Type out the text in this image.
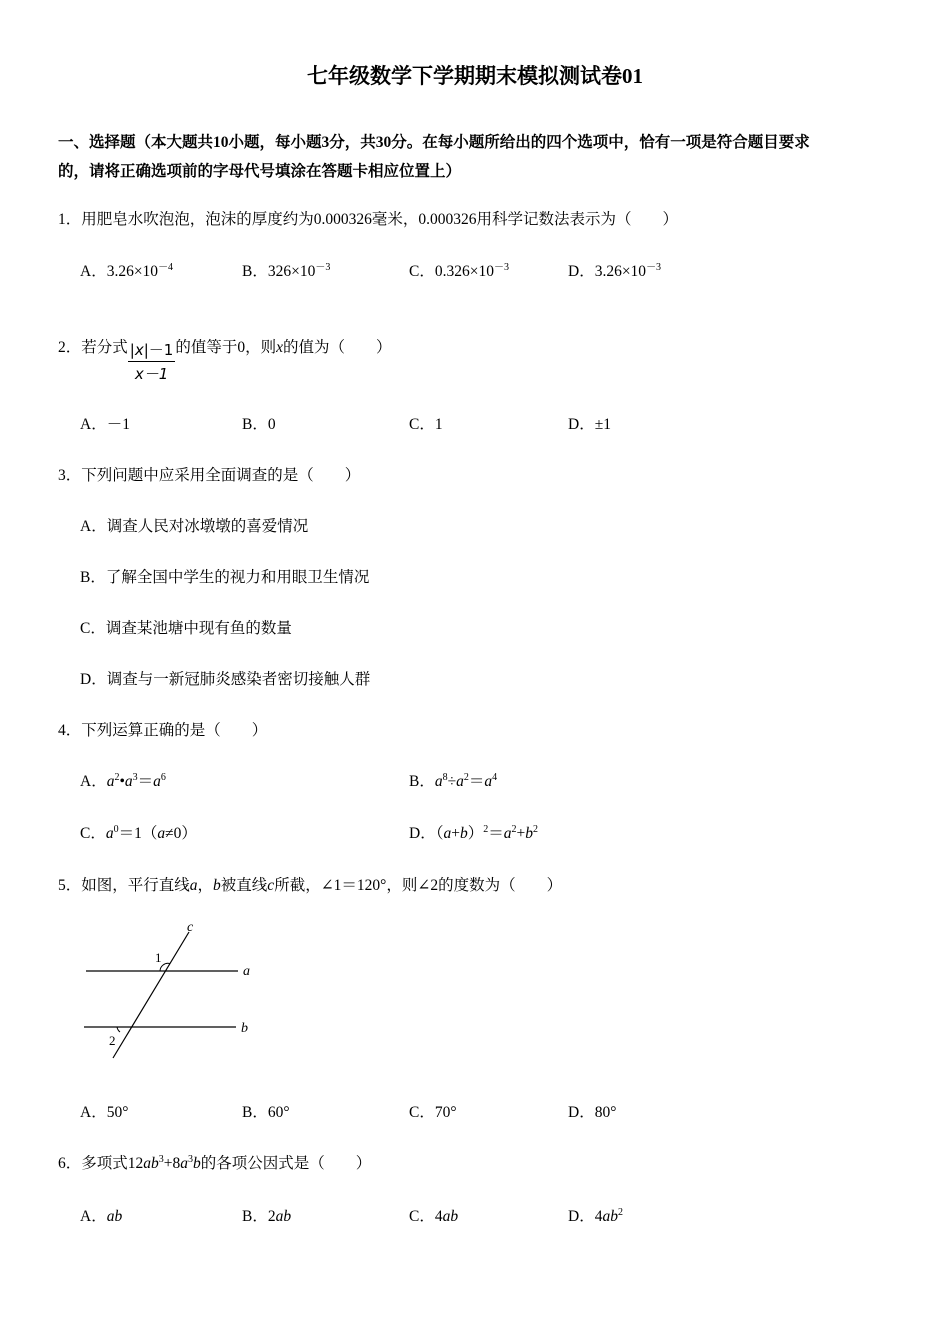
七年级数学下学期期末模拟测试卷01
一、选择题（本大题共10小题，每小题3分，共30分。在每小题所给出的四个选项中，恰有一项是符合题目要求
的，请将正确选项前的字母代号填涂在答题卡相应位置上）
1．用肥皂水吹泡泡，泡沫的厚度约为0.000326毫米，0.000326用科学记数法表示为（　　）
A．$3.26\times 10^{-4}$	B．$326\times 10^{-3}$	C．$0.326\times 10^{-3}$	D．$3.26\times 10^{-3}$
2．若分式 $\frac{|x|-1}{x-1}$ 的值等于0，则x的值为（　　）
A．－1	B．0	C．1	D．±1
3．下列问题中应采用全面调查的是（　　）
A．调查人民对冰墩墩的喜爱情况
B．了解全国中学生的视力和用眼卫生情况
C．调查某池塘中现有鱼的数量
D．调查与一新冠肺炎感染者密切接触人群
4．下列运算正确的是（　　）
A．$a^2•a^3=a^6$	B．$a^8\div a^2=a^4$
C．$a^0=1(a\ne 0)$	D．$(a+b)^2=a^2+b^2$
5．如图，平行直线a，b被直线c所截，∠1＝120°，则∠2的度数为（　　）
c
a
b
1
2
A．50°	B．60°	C．70°	D．80°
6．多项式$12ab^3+8a^3b$的各项公因式是（　　）
A．ab	B．2ab	C．4ab	D．$4ab^2$
